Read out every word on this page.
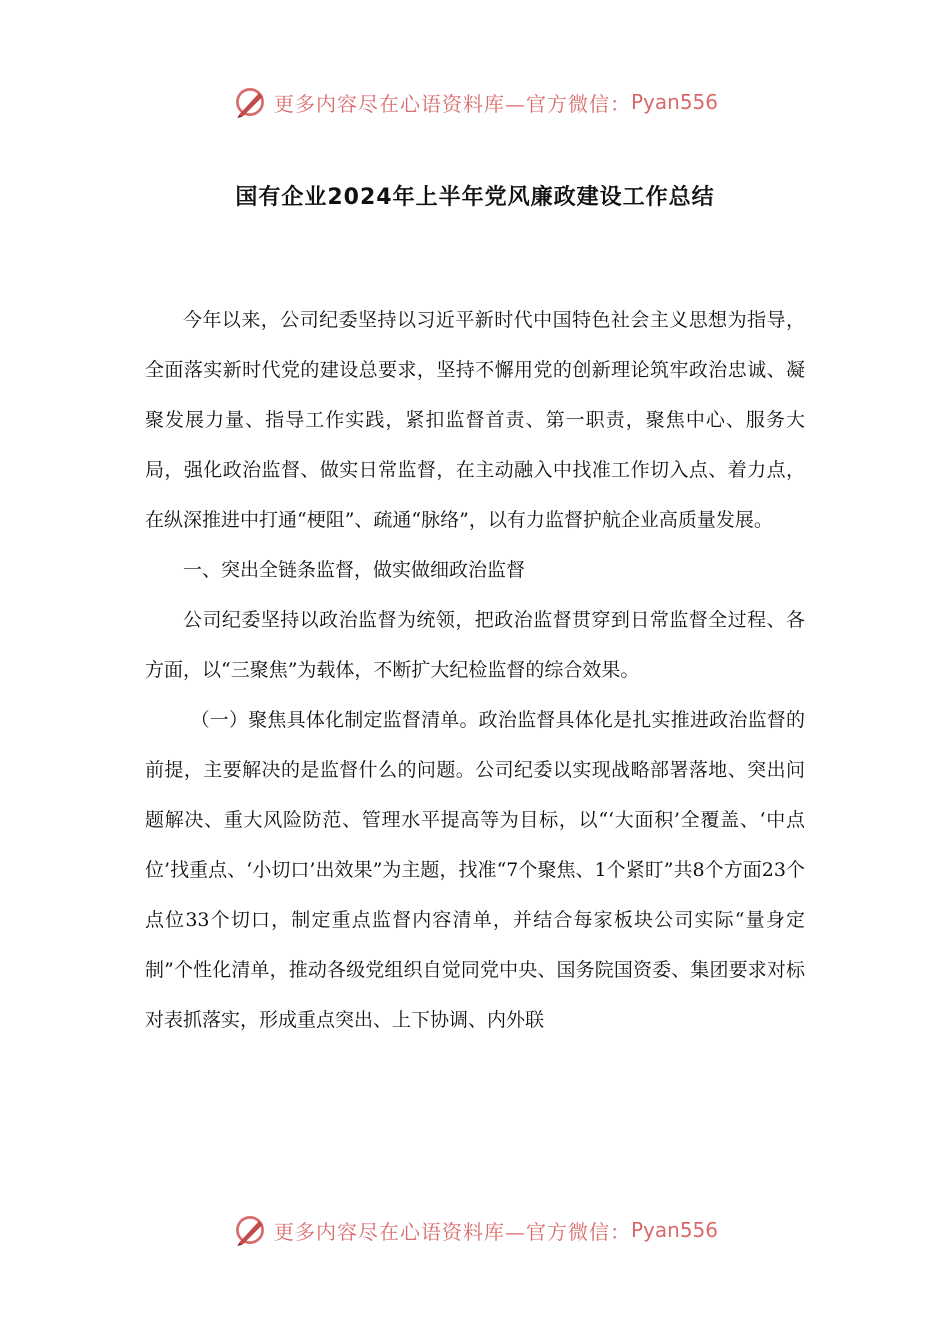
更多内容尽在心语资料库—官方微信： Pyan556
国有企业2024年上半年党风廉政建设工作总结

今年以来，公司纪委坚持以习近平新时代中国特色社会主义思想为指导，全面落实新时代党的建设总要求，坚持不懈用党的创新理论筑牢政治忠诚、凝聚发展力量、指导工作实践，紧扣监督首责、第一职责，聚焦中心、服务大局，强化政治监督、做实日常监督，在主动融入中找准工作切入点、着力点，在纵深推进中打通“梗阻”、疏通“脉络”，以有力监督护航企业高质量发展。

一、突出全链条监督，做实做细政治监督

公司纪委坚持以政治监督为统领，把政治监督贯穿到日常监督全过程、各方面，以“三聚焦”为载体，不断扩大纪检监督的综合效果。

（一）聚焦具体化制定监督清单。政治监督具体化是扎实推进政治监督的前提，主要解决的是监督什么的问题。公司纪委以实现战略部署落地、突出问题解决、重大风险防范、管理水平提高等为目标，以“‘大面积’全覆盖、‘中点位’找重点、‘小切口’出效果”为主题，找准“7个聚焦、1个紧盯”共8个方面23个点位33个切口，制定重点监督内容清单，并结合每家板块公司实际“量身定制”个性化清单，推动各级党组织自觉同党中央、国务院国资委、集团要求对标对表抓落实，形成重点突出、上下协调、内外联

更多内容尽在心语资料库—官方微信： Pyan556
